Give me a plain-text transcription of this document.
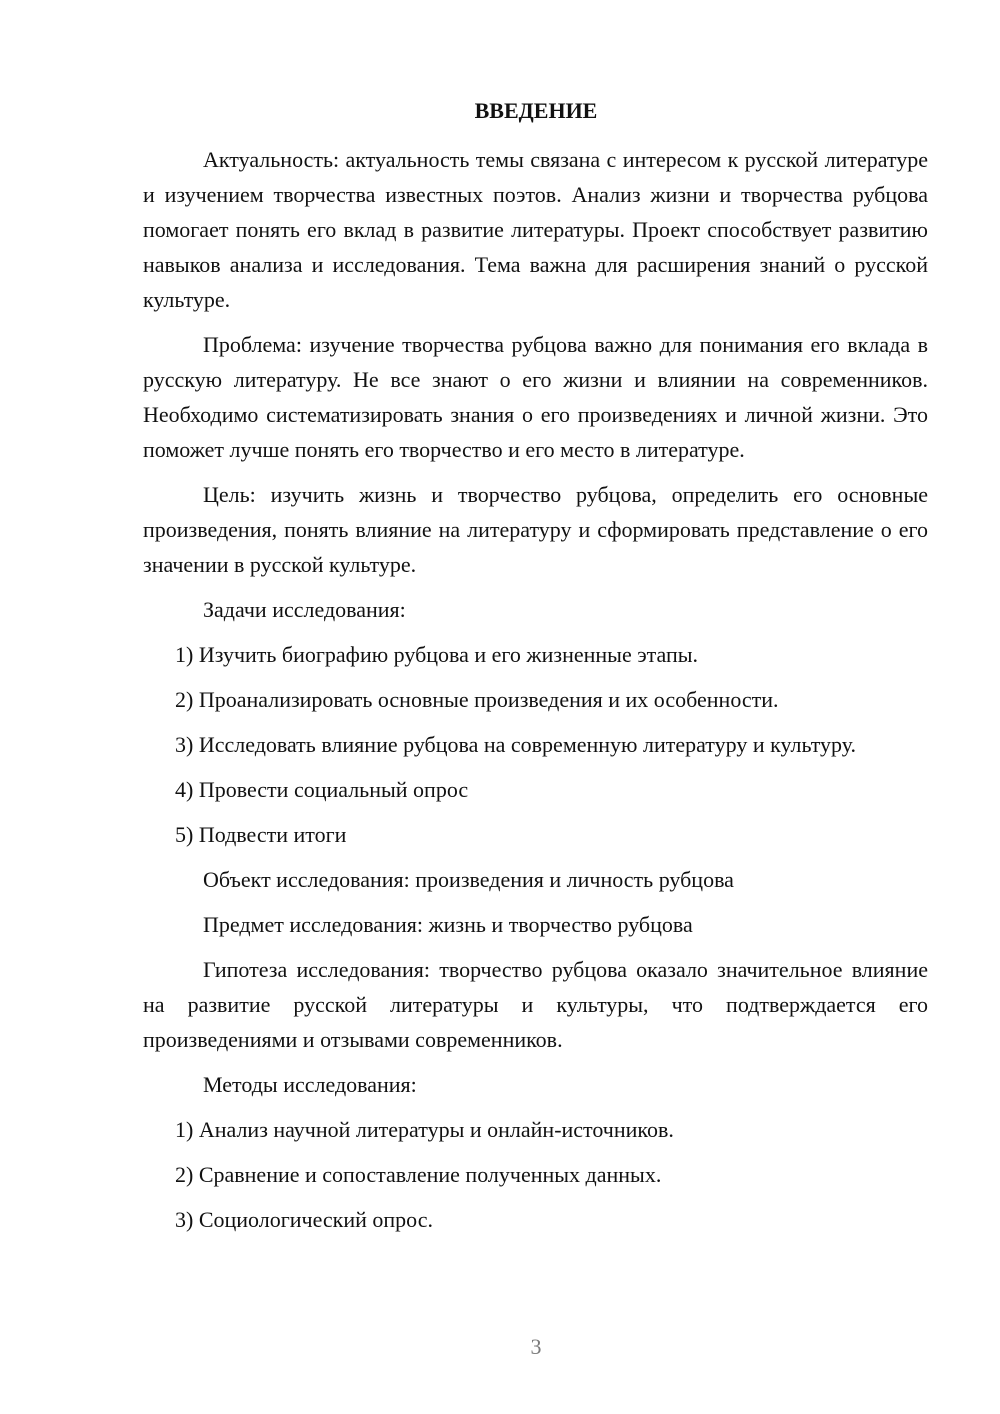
ВВЕДЕНИЕ

Актуальность: актуальность темы связана с интересом к русской литературе и изучением творчества известных поэтов. Анализ жизни и творчества рубцова помогает понять его вклад в развитие литературы. Проект способствует развитию навыков анализа и исследования. Тема важна для расширения знаний о русской культуре.

Проблема: изучение творчества рубцова важно для понимания его вклада в русскую литературу. Не все знают о его жизни и влиянии на современников. Необходимо систематизировать знания о его произведениях и личной жизни. Это поможет лучше понять его творчество и его место в литературе.

Цель: изучить жизнь и творчество рубцова, определить его основные произведения, понять влияние на литературу и сформировать представление о его значении в русской культуре.

Задачи исследования:

1) Изучить биографию рубцова и его жизненные этапы.

2) Проанализировать основные произведения и их особенности.

3) Исследовать влияние рубцова на современную литературу и культуру.

4) Провести социальный опрос

5) Подвести итоги

Объект исследования: произведения и личность рубцова

Предмет исследования: жизнь и творчество рубцова

Гипотеза исследования: творчество рубцова оказало значительное влияние на развитие русской литературы и культуры, что подтверждается его произведениями и отзывами современников.

Методы исследования:

1) Анализ научной литературы и онлайн-источников.

2) Сравнение и сопоставление полученных данных.

3) Социологический опрос.

3
